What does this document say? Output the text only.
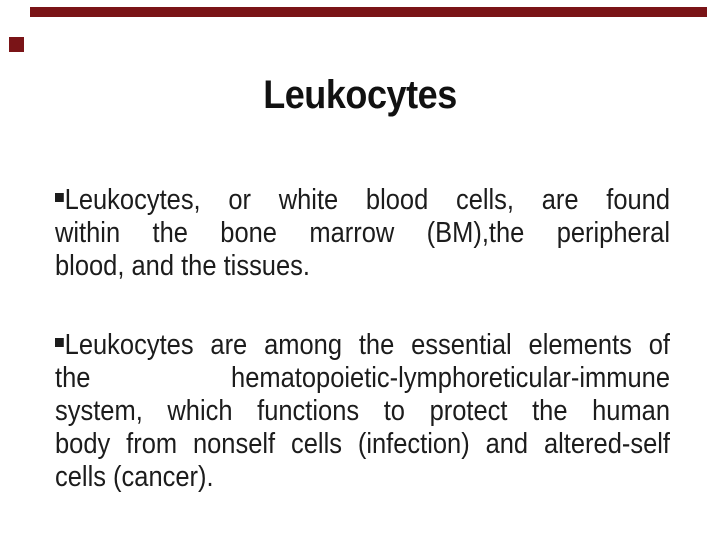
Leukocytes
Leukocytes, or white blood cells, are found
within the bone marrow (BM),the peripheral
blood, and the tissues.
Leukocytes are among the essential elements of
the hematopoietic-lymphoreticular-immune
system, which functions to protect the human
body from nonself cells (infection) and altered-self
cells (cancer).
